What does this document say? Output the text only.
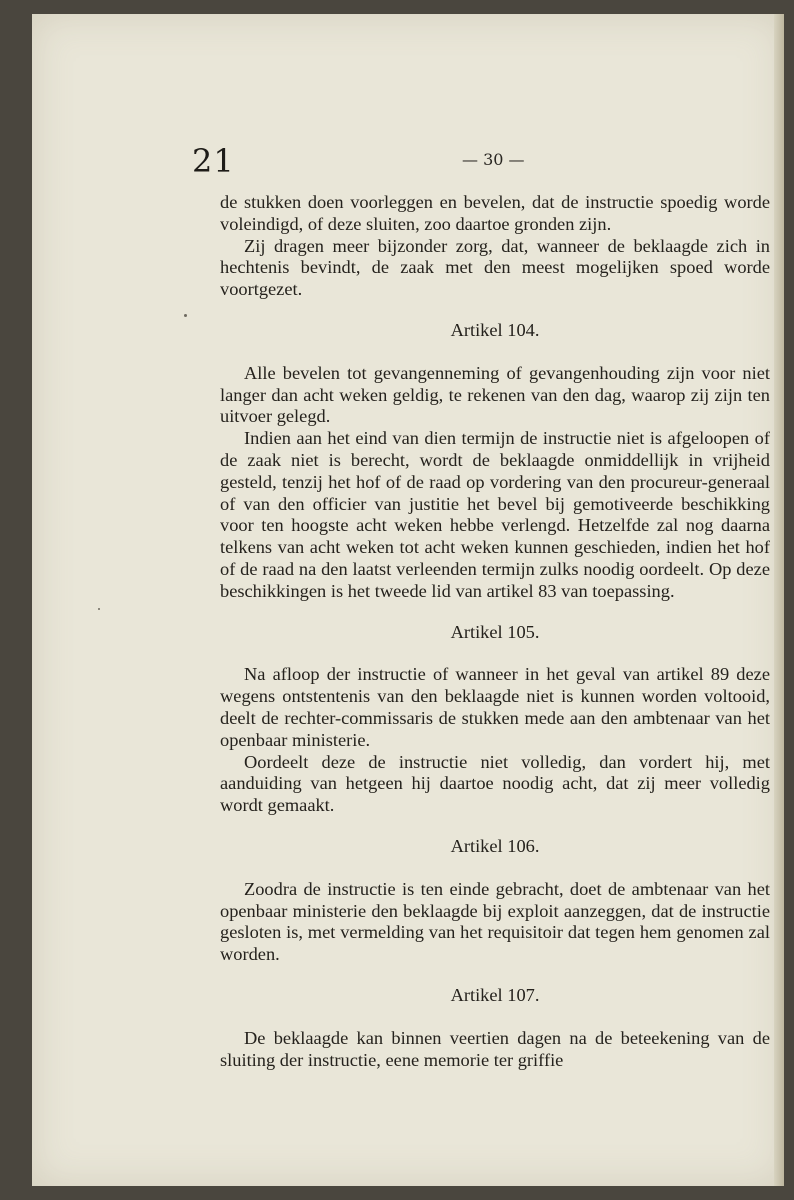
21	— 30 —

de stukken doen voorleggen en bevelen, dat de instructie spoedig worde voleindigd, of deze sluiten, zoo daartoe gronden zijn.

Zij dragen meer bijzonder zorg, dat, wanneer de beklaagde zich in hechtenis bevindt, de zaak met den meest mogelijken spoed worde voortgezet.

Artikel 104.

Alle bevelen tot gevangenneming of gevangenhouding zijn voor niet langer dan acht weken geldig, te rekenen van den dag, waarop zij zijn ten uitvoer gelegd.

Indien aan het eind van dien termijn de instructie niet is afgeloopen of de zaak niet is berecht, wordt de beklaagde onmiddellijk in vrijheid gesteld, tenzij het hof of de raad op vordering van den procureur-generaal of van den officier van justitie het bevel bij gemotiveerde beschikking voor ten hoogste acht weken hebbe verlengd. Hetzelfde zal nog daarna telkens van acht weken tot acht weken kunnen geschieden, indien het hof of de raad na den laatst verleenden termijn zulks noodig oordeelt. Op deze beschikkingen is het tweede lid van artikel 83 van toepassing.

Artikel 105.

Na afloop der instructie of wanneer in het geval van artikel 89 deze wegens ontstentenis van den beklaagde niet is kunnen worden voltooid, deelt de rechter-commissaris de stukken mede aan den ambtenaar van het openbaar ministerie.

Oordeelt deze de instructie niet volledig, dan vordert hij, met aanduiding van hetgeen hij daartoe noodig acht, dat zij meer volledig wordt gemaakt.

Artikel 106.

Zoodra de instructie is ten einde gebracht, doet de ambtenaar van het openbaar ministerie den beklaagde bij exploit aanzeggen, dat de instructie gesloten is, met vermelding van het requisitoir dat tegen hem genomen zal worden.

Artikel 107.

De beklaagde kan binnen veertien dagen na de beteekening van de sluiting der instructie, eene memorie ter griffie
